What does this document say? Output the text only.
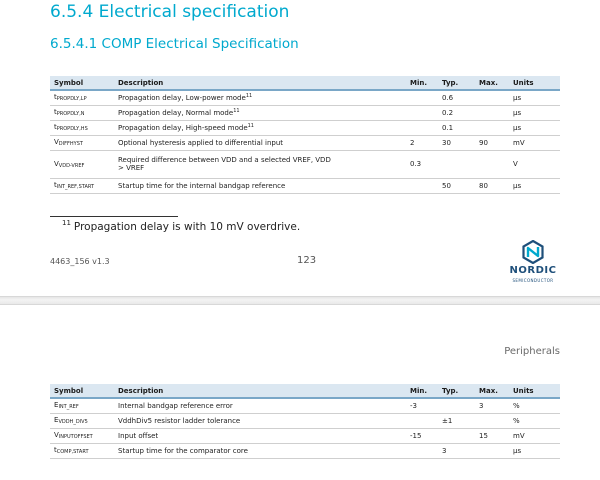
6.5.4 Electrical specification
6.5.4.1 COMP Electrical Specification
Symbol	Description	Min.	Typ.	Max.	Units
$t_{PROPDLY,LP}$	Propagation delay, Low-power mode$^{11}$		0.6		µs
$t_{PROPDLY,N}$	Propagation delay, Normal mode$^{11}$		0.2		µs
$t_{PROPDLY,HS}$	Propagation delay, High-speed mode$^{11}$		0.1		µs
$V_{DIFFHYST}$	Optional hysteresis applied to differential input	2	30	90	mV
$V_{VDD-VREF}$	Required difference between VDD and a selected VREF, VDD
> VREF	0.3			V
$t_{INT\_REF,START}$	Startup time for the internal bandgap reference		50	80	µs
$^{11}$ Propagation delay is with 10 mV overdrive.
4463_156 v1.3	123
NORDIC
SEMICONDUCTOR
Peripherals
Symbol	Description	Min.	Typ.	Max.	Units
$E_{INT\_REF}$	Internal bandgap reference error	-3		3	%
$E_{VDDH\_DIV5}$	VddhDiv5 resistor ladder tolerance		±1		%
$V_{INPUTOFFSET}$	Input offset	-15		15	mV
$t_{COMP,START}$	Startup time for the comparator core		3		µs
